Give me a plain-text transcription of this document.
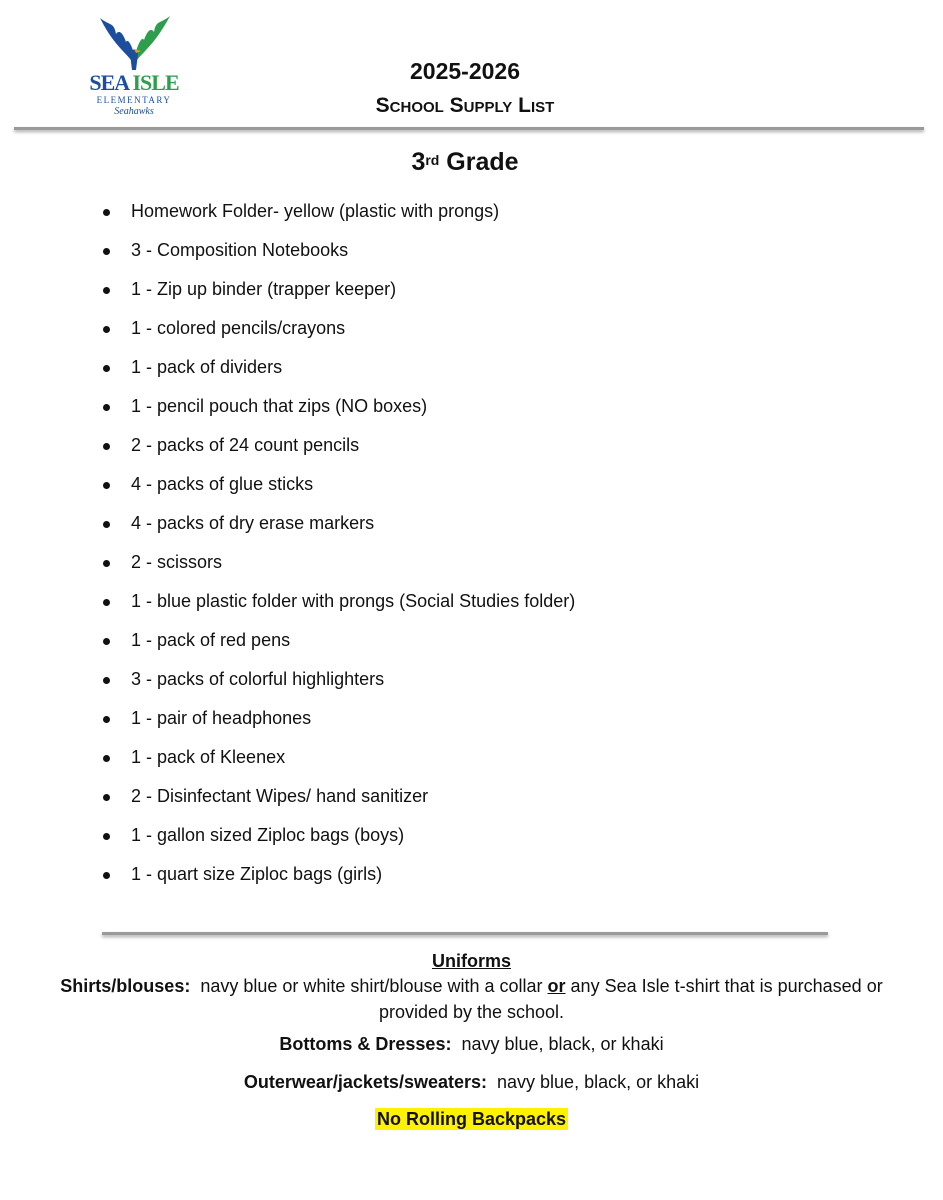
SEA ISLE
ELEMENTARY
Seahawks
2025-2026
School Supply List
3rd Grade
Homework Folder- yellow (plastic with prongs)
3 - Composition Notebooks
1 - Zip up binder (trapper keeper)
1 - colored pencils/crayons
1 - pack of dividers
1 - pencil pouch that zips (NO boxes)
2 - packs of 24 count pencils
4 - packs of glue sticks
4 - packs of dry erase markers
2 - scissors
1 - blue plastic folder with prongs (Social Studies folder)
1 - pack of red pens
3 - packs of colorful highlighters
1 - pair of headphones
1 - pack of Kleenex
2 - Disinfectant Wipes/ hand sanitizer
1 - gallon sized Ziploc bags (boys)
1 - quart size Ziploc bags (girls)
Uniforms
Shirts/blouses: navy blue or white shirt/blouse with a collar or any Sea Isle t-shirt that is purchased or provided by the school.
Bottoms & Dresses: navy blue, black, or khaki
Outerwear/jackets/sweaters: navy blue, black, or khaki
No Rolling Backpacks
